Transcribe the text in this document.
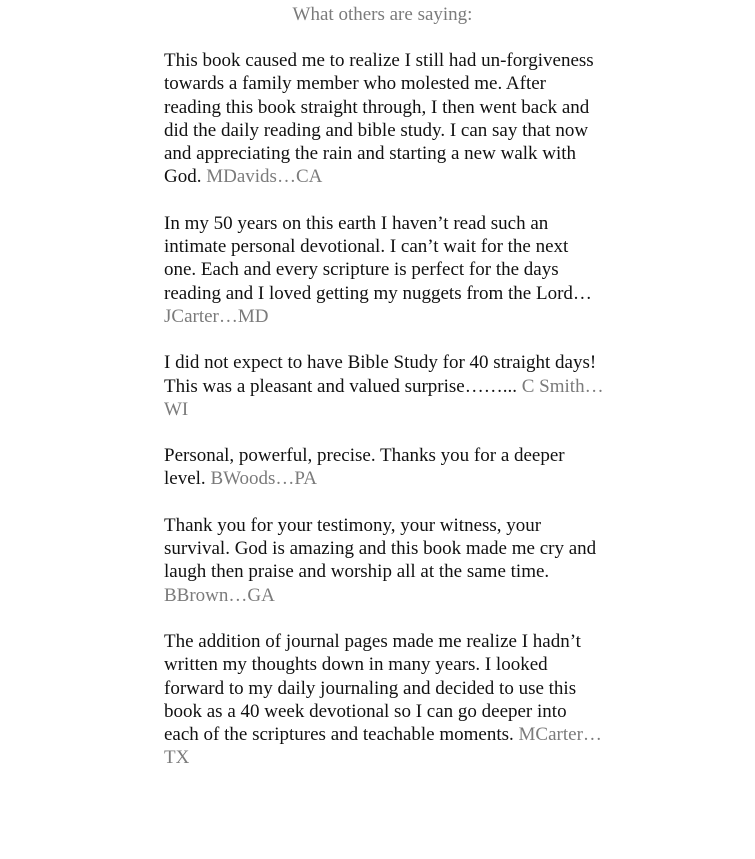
What others are saying:

This book caused me to realize I still had un-forgiveness towards a family member who molested me. After reading this book straight through, I then went back and did the daily reading and bible study. I can say that now and appreciating the rain and starting a new walk with God. MDavids…CA

In my 50 years on this earth I haven’t read such an intimate personal devotional. I can’t wait for the next one. Each and every scripture is perfect for the days reading and I loved getting my nuggets from the Lord…JCarter…MD

I did not expect to have Bible Study for 40 straight days! This was a pleasant and valued surprise……... C Smith…WI

Personal, powerful, precise. Thanks you for a deeper level. BWoods…PA

Thank you for your testimony, your witness, your survival. God is amazing and this book made me cry and laugh then praise and worship all at the same time. BBrown…GA

The addition of journal pages made me realize I hadn’t written my thoughts down in many years. I looked forward to my daily journaling and decided to use this book as a 40 week devotional so I can go deeper into each of the scriptures and teachable moments. MCarter…TX
